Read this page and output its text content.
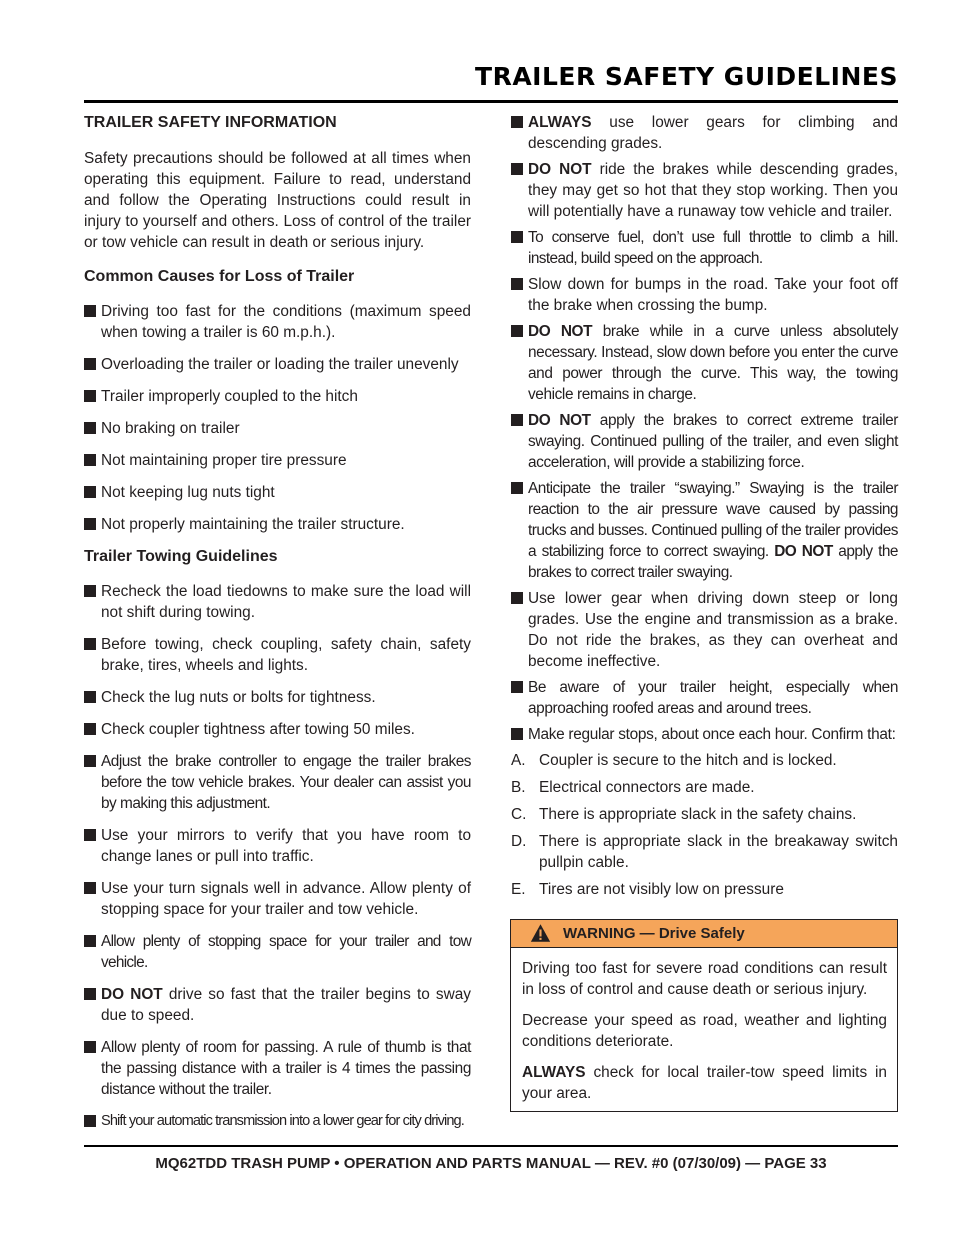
TRAILER SAFETY GUIDELINES
TRAILER SAFETY INFORMATION

Safety precautions should be followed at all times when operating this equipment. Failure to read, understand and follow the Operating Instructions could result in injury to yourself and others. Loss of control of the trailer or tow vehicle can result in death or serious injury.

Common Causes for Loss of Trailer
Driving too fast for the conditions (maximum speed when towing a trailer is 60 m.p.h.).
Overloading the trailer or loading the trailer unevenly
Trailer improperly coupled to the hitch
No braking on trailer
Not maintaining proper tire pressure
Not keeping lug nuts tight
Not properly maintaining the trailer structure.
Trailer Towing Guidelines
Recheck the load tiedowns to make sure the load will not shift during towing.
Before towing, check coupling, safety chain, safety brake, tires, wheels and lights.
Check the lug nuts or bolts for tightness.
Check coupler tightness after towing 50 miles.
Adjust the brake controller to engage the trailer brakes before the tow vehicle brakes. Your dealer can assist you by making this adjustment.
Use your mirrors to verify that you have room to change lanes or pull into traffic.
Use your turn signals well in advance. Allow plenty of stopping space for your trailer and tow vehicle.
Allow plenty of stopping space for your trailer and tow vehicle.
DO NOT drive so fast that the trailer begins to sway due to speed.
Allow plenty of room for passing. A rule of thumb is that the passing distance with a trailer is 4 times the passing distance without the trailer.
Shift your automatic transmission into a lower gear for city driving.
ALWAYS use lower gears for climbing and descending grades.
DO NOT ride the brakes while descending grades, they may get so hot that they stop working. Then you will potentially have a runaway tow vehicle and trailer.
To conserve fuel, don’t use full throttle to climb a hill. instead, build speed on the approach.
Slow down for bumps in the road. Take your foot off the brake when crossing the bump.
DO NOT brake while in a curve unless absolutely necessary. Instead, slow down before you enter the curve and power through the curve. This way, the towing vehicle remains in charge.
DO NOT apply the brakes to correct extreme trailer swaying. Continued pulling of the trailer, and even slight acceleration, will provide a stabilizing force.
Anticipate the trailer “swaying.” Swaying is the trailer reaction to the air pressure wave caused by passing trucks and busses. Continued pulling of the trailer provides a stabilizing force to correct swaying. DO NOT apply the brakes to correct trailer swaying.
Use lower gear when driving down steep or long grades. Use the engine and transmission as a brake. Do not ride the brakes, as they can overheat and become ineffective.
Be aware of your trailer height, especially when approaching roofed areas and around trees.
Make regular stops, about once each hour. Confirm that:
A. Coupler is secure to the hitch and is locked.
B. Electrical connectors are made.
C. There is appropriate slack in the safety chains.
D. There is appropriate slack in the breakaway switch pullpin cable.
E. Tires are not visibly low on pressure
WARNING — Drive Safely

Driving too fast for severe road conditions can result in loss of control and cause death or serious injury.

Decrease your speed as road, weather and lighting conditions deteriorate.

ALWAYS check for local trailer-tow speed limits in your area.

MQ62TDD TRASH PUMP • OPERATION AND PARTS MANUAL — REV. #0 (07/30/09) — PAGE 33
